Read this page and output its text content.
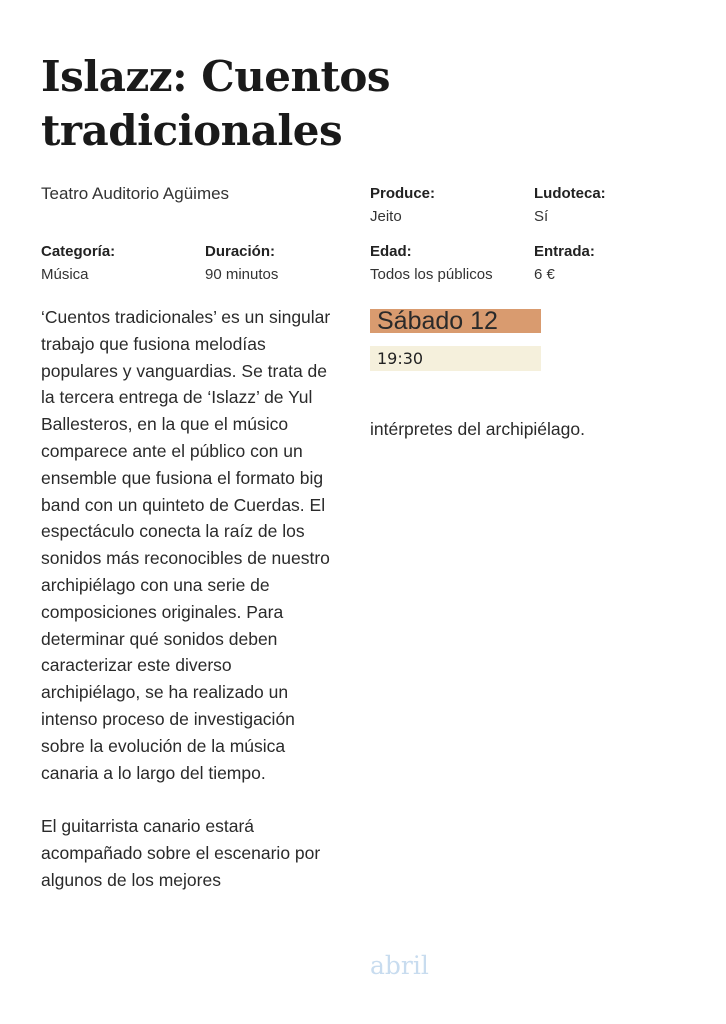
Islazz: Cuentos tradicionales
Teatro Auditorio Agüimes	Produce:
Jeito
Ludoteca:
Sí
Categoría:
Música
Duración:
90 minutos
Edad:
Todos los públicos
Entrada:
6 €

‘Cuentos tradicionales’ es un singular trabajo que fusiona melodías populares y vanguardias. Se trata de la tercera entrega de ‘Islazz’ de Yul Ballesteros, en la que el músico comparece ante el público con un ensemble que fusiona el formato big band con un quinteto de Cuerdas. El espectáculo conecta la raíz de los sonidos más reconocibles de nuestro archipiélago con una serie de composiciones originales. Para determinar qué sonidos deben caracterizar este diverso archipiélago, se ha realizado un intenso proceso de investigación sobre la evolución de la música canaria a lo largo del tiempo.

El guitarrista canario estará acompañado sobre el escenario por algunos de los mejores

Sábado 12
19:30
intérpretes del archipiélago.
abril
